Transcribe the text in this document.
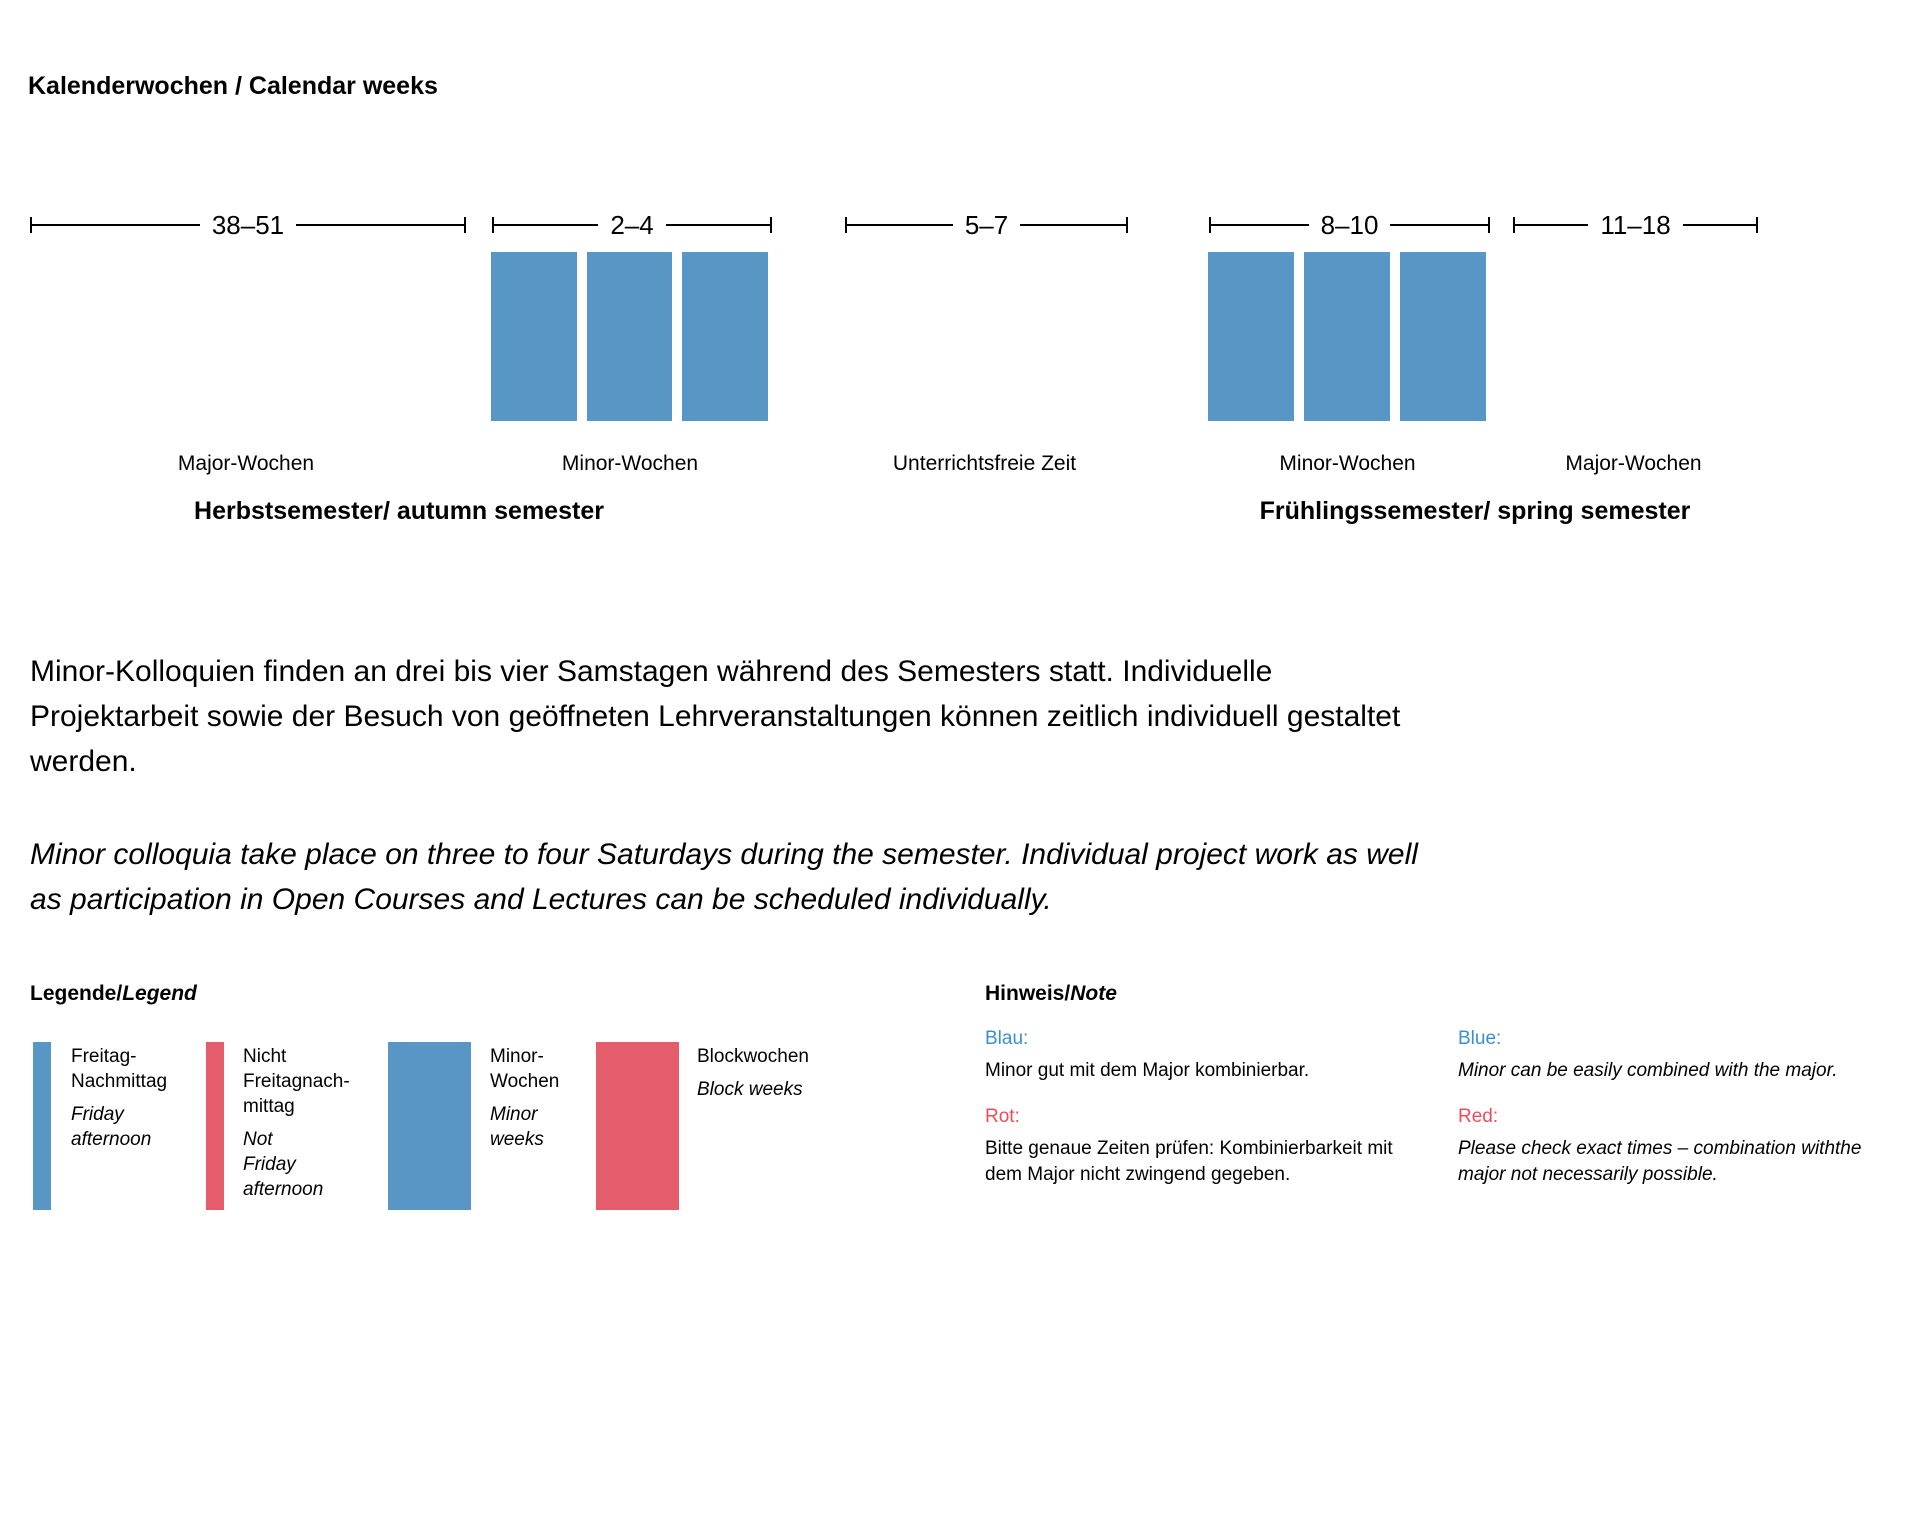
Kalenderwochen / Calendar weeks
38–51	2–4	5–7	8–10	11–18
Major-Wochen	Minor-Wochen	Unterrichtsfreie Zeit	Minor-Wochen	Major-Wochen
Herbstsemester/ autumn semester	Frühlingssemester/ spring semester
Minor-Kolloquien finden an drei bis vier Samstagen während des Semesters statt. Individuelle
Projektarbeit sowie der Besuch von geöffneten Lehrveranstaltungen können zeitlich individuell gestaltet
werden.
Minor colloquia take place on three to four Saturdays during the semester. Individual project work as well
as participation in Open Courses and Lectures can be scheduled individually.
Legende/Legend
Freitag-
Nachmittag
Friday
afternoon
Nicht
Freitagnach-
mittag
Not
Friday
afternoon
Minor-
Wochen
Minor
weeks
Blockwochen
Block weeks
Hinweis/Note
Blau:
Minor gut mit dem Major kombinierbar.
Rot:
Bitte genaue Zeiten prüfen: Kombinierbarkeit mit
dem Major nicht zwingend gegeben.
Blue:
Minor can be easily combined with the major.
Red:
Please check exact times – combination withthe
major not necessarily possible.
